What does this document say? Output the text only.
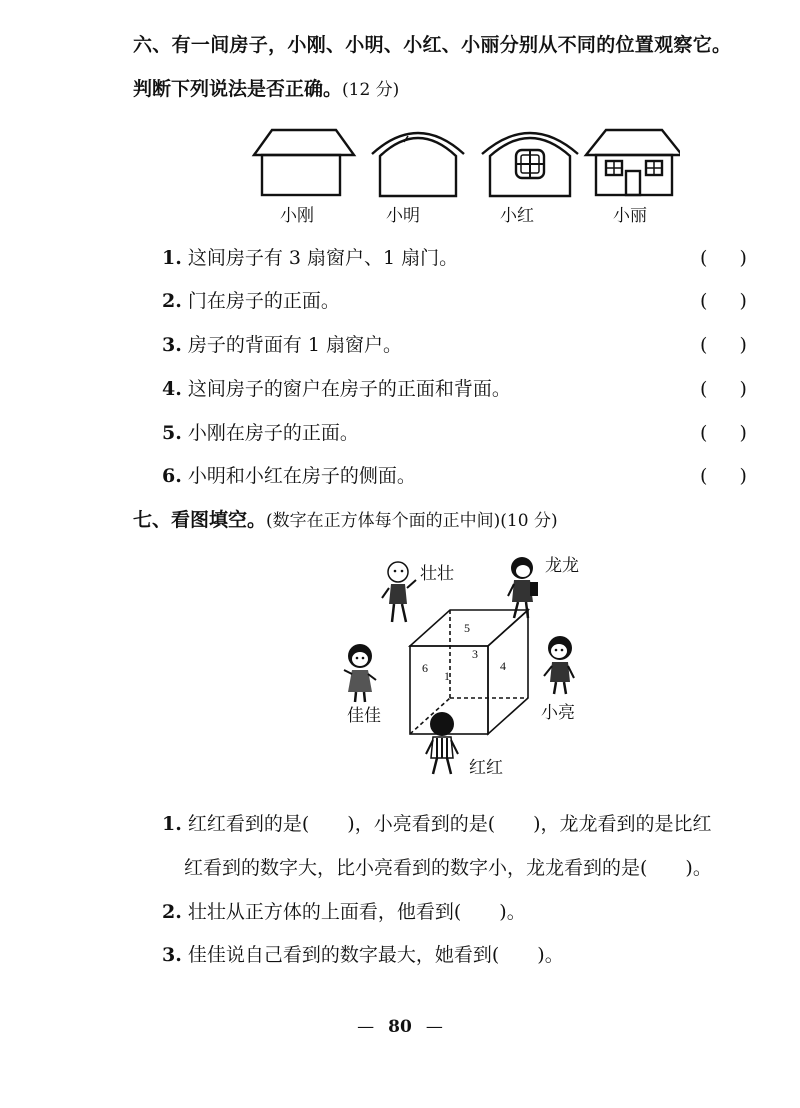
六、有一间房子，小刚、小明、小红、小丽分别从不同的位置观察它。
判断下列说法是否正确。(12 分)
小刚	小明	小红	小丽
1. 这间房子有 3 扇窗户、1 扇门。	( )
2. 门在房子的正面。	( )
3. 房子的背面有 1 扇窗户。	( )
4. 这间房子的窗户在房子的正面和背面。	( )
5. 小刚在房子的正面。	( )
6. 小明和小红在房子的侧面。	( )
七、看图填空。(数字在正方体每个面的正中间)(10 分)
5
3
4
6
1
壮壮	龙龙
佳佳	小亮
红红
1. 红红看到的是(　　)，小亮看到的是(　　)，龙龙看到的是比红
红看到的数字大，比小亮看到的数字小，龙龙看到的是(　　)。
2. 壮壮从正方体的上面看，他看到(　　)。
3. 佳佳说自己看到的数字最大，她看到(　　)。
— 80 —
